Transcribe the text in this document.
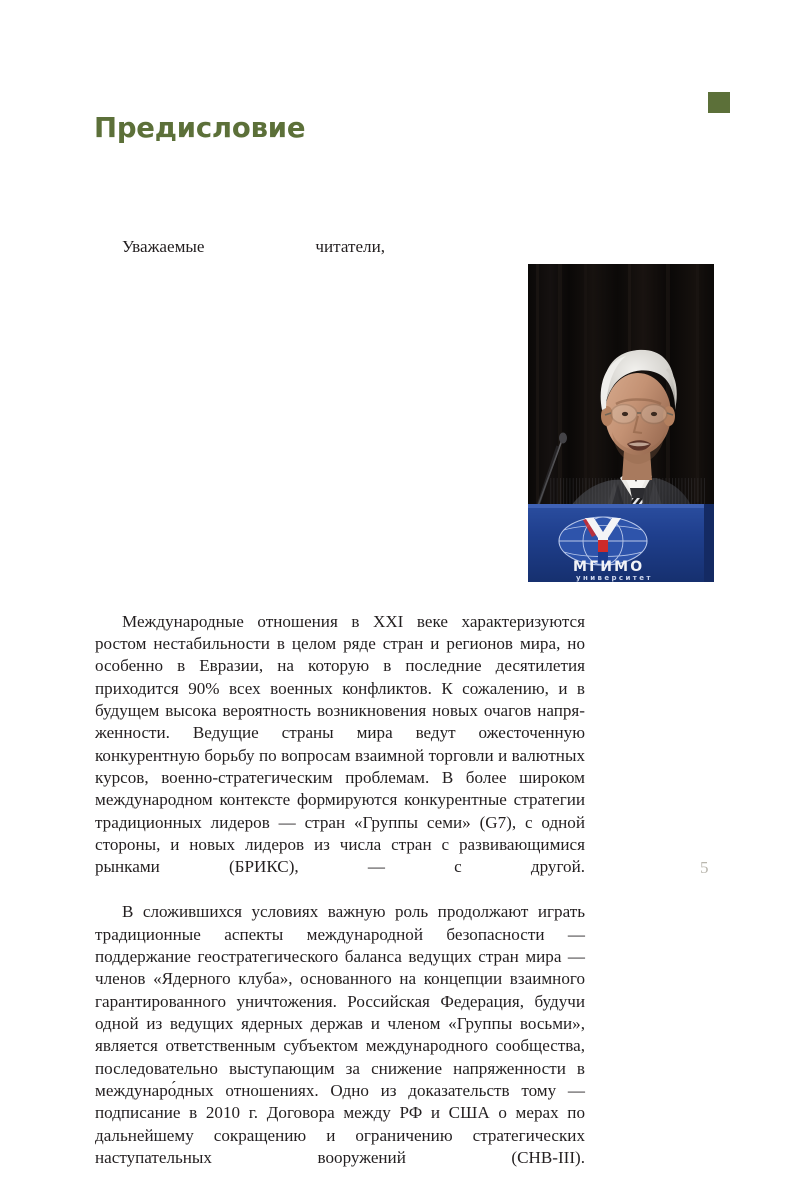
Предисловие

Уважаемые читатели,

Международные отношения в XXI веке характеризуются ростом нестабильности в целом ряде стран и регионов мира, но особенно в Евразии, на которую в последние десятилетия приходится 90% всех военных конфликтов. К сожалению, и в будущем высока вероятность возникновения новых очагов напряженности. Ведущие страны мира ведут ожесточенную конкурентную борьбу по вопросам взаимной торговли и валютных курсов, военно-стратегическим проблемам. В более широком международном контексте формируются конкурентные стратегии традиционных лидеров — стран «Группы семи» (G7), с одной стороны, и новых лидеров из числа стран с развивающимися рынками (БРИКС), — с другой.

В сложившихся условиях важную роль продолжают играть традиционные аспекты международной безопасности — поддержание геостратегического баланса ведущих стран мира — членов «Ядерного клуба», основанного на концепции взаимного гарантированного уничтожения. Российская Федерация, будучи одной из ведущих ядерных держав и членом «Группы восьми», является ответственным субъектом международного сообщества, последовательно выступающим за снижение напряженности в междунаро́дных отношениях. Одно из доказательств тому — подписание в 2010 г. Договора между РФ и США о мерах по дальнейшему сокращению и ограничению стратегических наступательных вооружений (СНВ-III).

МГИМО
университет
5
